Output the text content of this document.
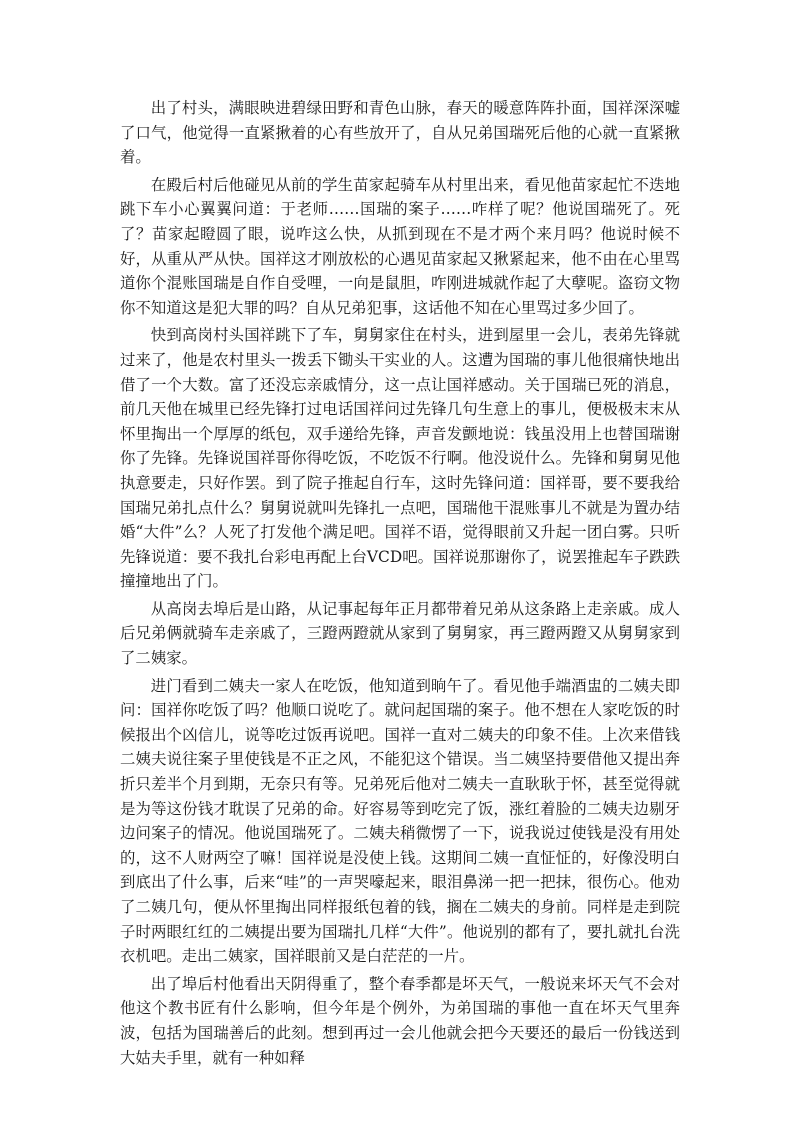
出了村头，满眼映进碧绿田野和青色山脉，春天的暖意阵阵扑面，国祥深深嘘了口气，他觉得一直紧揪着的心有些放开了，自从兄弟国瑞死后他的心就一直紧揪着。

在殿后村后他碰见从前的学生苗家起骑车从村里出来，看见他苗家起忙不迭地跳下车小心翼翼问道：于老师……国瑞的案子……咋样了呢？他说国瑞死了。死了？苗家起瞪圆了眼，说咋这么快，从抓到现在不是才两个来月吗？他说时候不好，从重从严从快。国祥这才刚放松的心遇见苗家起又揪紧起来，他不由在心里骂道你个混账国瑞是自作自受哩，一向是鼠胆，咋刚进城就作起了大孽呢。盗窃文物你不知道这是犯大罪的吗？自从兄弟犯事，这话他不知在心里骂过多少回了。

快到高岗村头国祥跳下了车，舅舅家住在村头，进到屋里一会儿，表弟先锋就过来了，他是农村里头一拨丢下锄头干实业的人。这遭为国瑞的事儿他很痛快地出借了一个大数。富了还没忘亲戚情分，这一点让国祥感动。关于国瑞已死的消息，前几天他在城里已经先锋打过电话国祥问过先锋几句生意上的事儿，便极极末末从怀里掏出一个厚厚的纸包，双手递给先锋，声音发颤地说：钱虽没用上也替国瑞谢你了先锋。先锋说国祥哥你得吃饭，不吃饭不行啊。他没说什么。先锋和舅舅见他执意要走，只好作罢。到了院子推起自行车，这时先锋问道：国祥哥，要不要我给国瑞兄弟扎点什么？舅舅说就叫先锋扎一点吧，国瑞他干混账事儿不就是为置办结婚“大件”么？人死了打发他个满足吧。国祥不语，觉得眼前又升起一团白雾。只听先锋说道：要不我扎台彩电再配上台VCD吧。国祥说那谢你了，说罢推起车子跌跌撞撞地出了门。

从高岗去埠后是山路，从记事起每年正月都带着兄弟从这条路上走亲戚。成人后兄弟俩就骑车走亲戚了，三蹬两蹬就从家到了舅舅家，再三蹬两蹬又从舅舅家到了二姨家。

进门看到二姨夫一家人在吃饭，他知道到晌午了。看见他手端酒盅的二姨夫即问：国祥你吃饭了吗？他顺口说吃了。就问起国瑞的案子。他不想在人家吃饭的时候报出个凶信儿，说等吃过饭再说吧。国祥一直对二姨夫的印象不佳。上次来借钱二姨夫说往案子里使钱是不正之风，不能犯这个错误。当二姨坚持要借他又提出奔折只差半个月到期，无奈只有等。兄弟死后他对二姨夫一直耿耿于怀，甚至觉得就是为等这份钱才耽误了兄弟的命。好容易等到吃完了饭，涨红着脸的二姨夫边剔牙边问案子的情况。他说国瑞死了。二姨夫稍微愣了一下，说我说过使钱是没有用处的，这不人财两空了嘛！国祥说是没使上钱。这期间二姨一直怔怔的，好像没明白到底出了什么事，后来“哇”的一声哭嚎起来，眼泪鼻涕一把一把抹，很伤心。他劝了二姨几句，便从怀里掏出同样报纸包着的钱，搁在二姨夫的身前。同样是走到院子时两眼红红的二姨提出要为国瑞扎几样“大件”。他说别的都有了，要扎就扎台洗衣机吧。走出二姨家，国祥眼前又是白茫茫的一片。

出了埠后村他看出天阴得重了，整个春季都是坏天气，一般说来坏天气不会对他这个教书匠有什么影响，但今年是个例外，为弟国瑞的事他一直在坏天气里奔波，包括为国瑞善后的此刻。想到再过一会儿他就会把今天要还的最后一份钱送到大姑夫手里，就有一种如释
